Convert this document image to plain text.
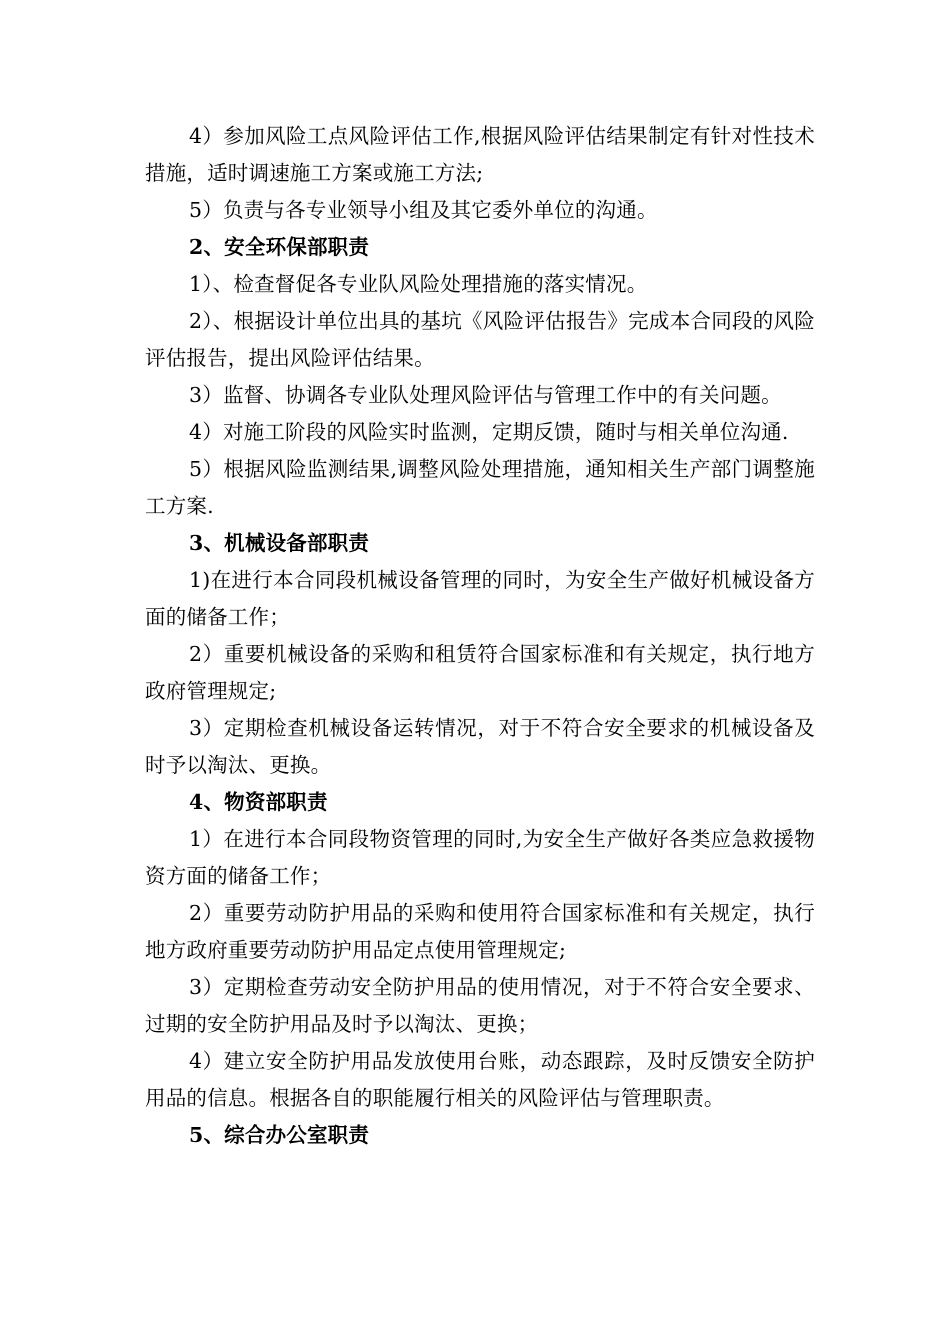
4）参加风险工点风险评估工作,根据风险评估结果制定有针对性技术措施，适时调速施工方案或施工方法;

5）负责与各专业领导小组及其它委外单位的沟通。

2、安全环保部职责

1）、检查督促各专业队风险处理措施的落实情况。

2）、根据设计单位出具的基坑《风险评估报告》完成本合同段的风险评估报告，提出风险评估结果。

3）监督、协调各专业队处理风险评估与管理工作中的有关问题。

4）对施工阶段的风险实时监测，定期反馈，随时与相关单位沟通.

5）根据风险监测结果,调整风险处理措施，通知相关生产部门调整施工方案.

3、机械设备部职责

1)在进行本合同段机械设备管理的同时，为安全生产做好机械设备方面的储备工作；

2）重要机械设备的采购和租赁符合国家标准和有关规定，执行地方政府管理规定;

3）定期检查机械设备运转情况，对于不符合安全要求的机械设备及时予以淘汰、更换。

4、物资部职责

1）在进行本合同段物资管理的同时,为安全生产做好各类应急救援物资方面的储备工作；

2）重要劳动防护用品的采购和使用符合国家标准和有关规定，执行地方政府重要劳动防护用品定点使用管理规定;

3）定期检查劳动安全防护用品的使用情况，对于不符合安全要求、过期的安全防护用品及时予以淘汰、更换；

4）建立安全防护用品发放使用台账，动态跟踪，及时反馈安全防护用品的信息。根据各自的职能履行相关的风险评估与管理职责。

5、综合办公室职责
